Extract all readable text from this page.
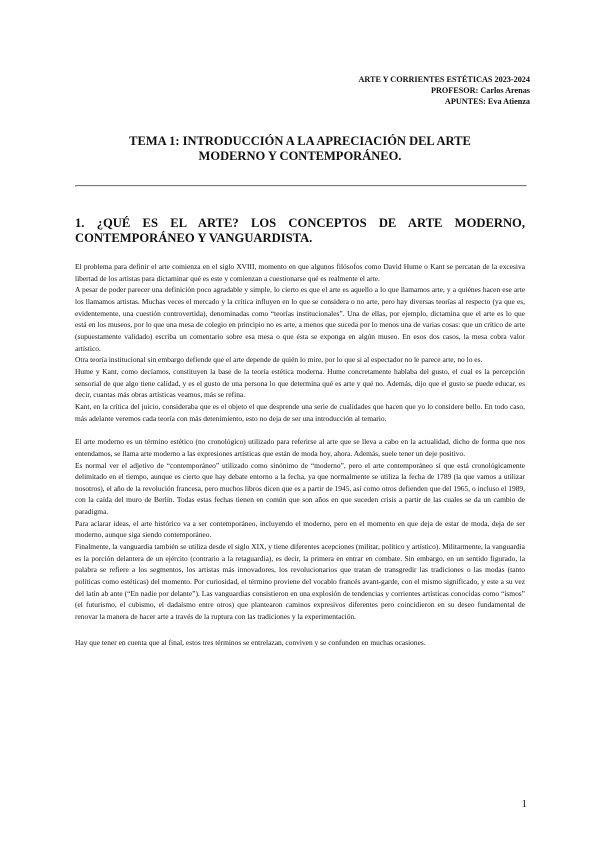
ARTE Y CORRIENTES ESTÉTICAS 2023-2024
PROFESOR: Carlos Arenas
APUNTES: Eva Atienza
TEMA 1: INTRODUCCIÓN A LA APRECIACIÓN DEL ARTE MODERNO Y CONTEMPORÁNEO.
1. ¿QUÉ ES EL ARTE? LOS CONCEPTOS DE ARTE MODERNO, CONTEMPORÁNEO Y VANGUARDISTA.

El problema para definir el arte comienza en el siglo XVIII, momento en que algunos filósofos como David Hume o Kant se percatan de la excesiva libertad de los artistas para dictaminar qué es este y comienzan a cuestionarse qué es realmente el arte.

A pesar de poder parecer una definición poco agradable y simple, lo cierto es que el arte es aquello a lo que llamamos arte, y a quiénes hacen ese arte los llamamos artistas. Muchas veces el mercado y la crítica influyen en lo que se considera o no arte, pero hay diversas teorías al respecto (ya que es, evidentemente, una cuestión controvertida), denominadas como “teorías institucionales”. Una de ellas, por ejemplo, dictamina que el arte es lo que está en los museos, por lo que una mesa de colegio en principio no es arte, a menos que suceda por lo menos una de varias cosas: que un crítico de arte (supuestamente validado) escriba un comentario sobre esa mesa o que ésta se exponga en algún museo. En esos dos casos, la mesa cobra valor artístico.

Otra teoría institucional sin embargo defiende que el arte depende de quién lo mire, por lo que si al espectador no le parece arte, no lo es.

Hume y Kant, como decíamos, constituyen la base de la teoría estética moderna. Hume concretamente hablaba del gusto, el cual es la percepción sensorial de que algo tiene calidad, y es el gusto de una persona lo que determina qué es arte y qué no. Además, dijo que el gusto se puede educar, es decir, cuantas más obras artísticas veamos, más se refina.

Kant, en la crítica del juicio, consideraba que es el objeto el que desprende una serie de cualidades que hacen que yo lo considere bello. En todo caso, más adelante veremos cada teoría con más detenimiento, esto no deja de ser una introducción al temario.

El arte moderno es un término estético (no cronológico) utilizado para referirse al arte que se lleva a cabo en la actualidad, dicho de forma que nos entendamos, se llama arte moderno a las expresiones artísticas que están de moda hoy, ahora. Además, suele tener un deje positivo.

Es normal ver el adjetivo de “contemporáneo” utilizado como sinónimo de “moderno”, pero el arte contemporáneo sí que está cronológicamente delimitado en el tiempo, aunque es cierto que hay debate entorno a la fecha, ya que normalmente se utiliza la fecha de 1789 (la que vamos a utilizar nosotros), el año de la revolución francesa, pero muchos libros dicen que es a partir de 1945, así como otros defienden que del 1965, o incluso el 1989, con la caída del muro de Berlín. Todas estas fechas tienen en común que son años en que suceden crisis a partir de las cuales se da un cambio de paradigma.

Para aclarar ideas, el arte histórico va a ser contemporáneo, incluyendo el moderno, pero en el momento en que deja de estar de moda, deja de ser moderno, aunque siga siendo contemporáneo.

Finalmente, la vanguardia también se utiliza desde el siglo XIX, y tiene diferentes acepciones (militar, político y artístico). Militarmente, la vanguardia es la porción delantera de un ejército (contrario a la retaguardia), es decir, la primera en entrar en combate. Sin embargo, en un sentido figurado, la palabra se refiere a los segmentos, los artistas más innovadores, los revolucionarios que tratan de transgredir las tradiciones o las modas (tanto políticas como estéticas) del momento. Por curiosidad, el término proviene del vocablo francés avant-garde, con el mismo significado, y este a su vez del latín ab ante (“En nadie por delante”). Las vanguardias consistieron en una explosión de tendencias y corrientes artísticas conocidas como “ismos” (el futurismo, el cubismo, el dadaísmo entre otros) que plantearon caminos expresivos diferentes pero coincidieron en su deseo fundamental de renovar la manera de hacer arte a través de la ruptura con las tradiciones y la experimentación.

Hay que tener en cuenta que al final, estos tres términos se entrelazan, conviven y se confunden en muchas ocasiones.

1
